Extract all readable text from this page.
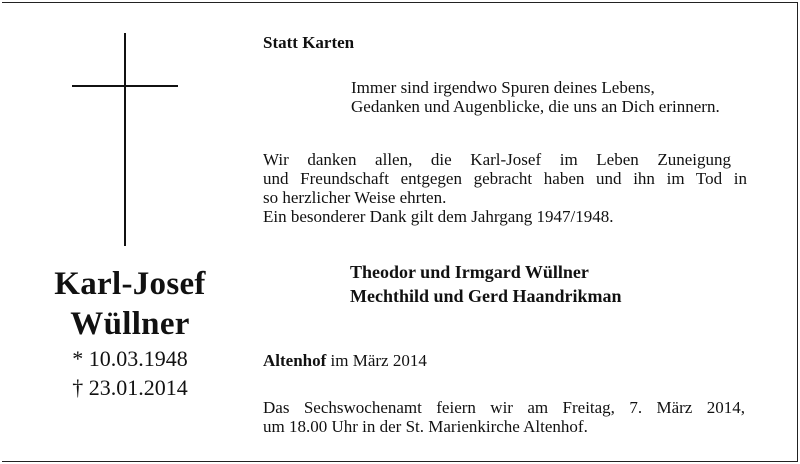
Karl-Josef
Wüllner
* 10.03.1948
† 23.01.2014
Statt Karten
Immer sind irgendwo Spuren deines Lebens,
Gedanken und Augenblicke, die uns an Dich erinnern.
Wir danken allen, die Karl-Josef im Leben Zuneigung
und Freundschaft entgegen gebracht haben und ihn im Tod in
so herzlicher Weise ehrten.
Ein besonderer Dank gilt dem Jahrgang 1947/1948.
Theodor und Irmgard Wüllner
Mechthild und Gerd Haandrikman
Altenhof im März 2014
Das Sechswochenamt feiern wir am Freitag, 7. März 2014,
um 18.00 Uhr in der St. Marienkirche Altenhof.
